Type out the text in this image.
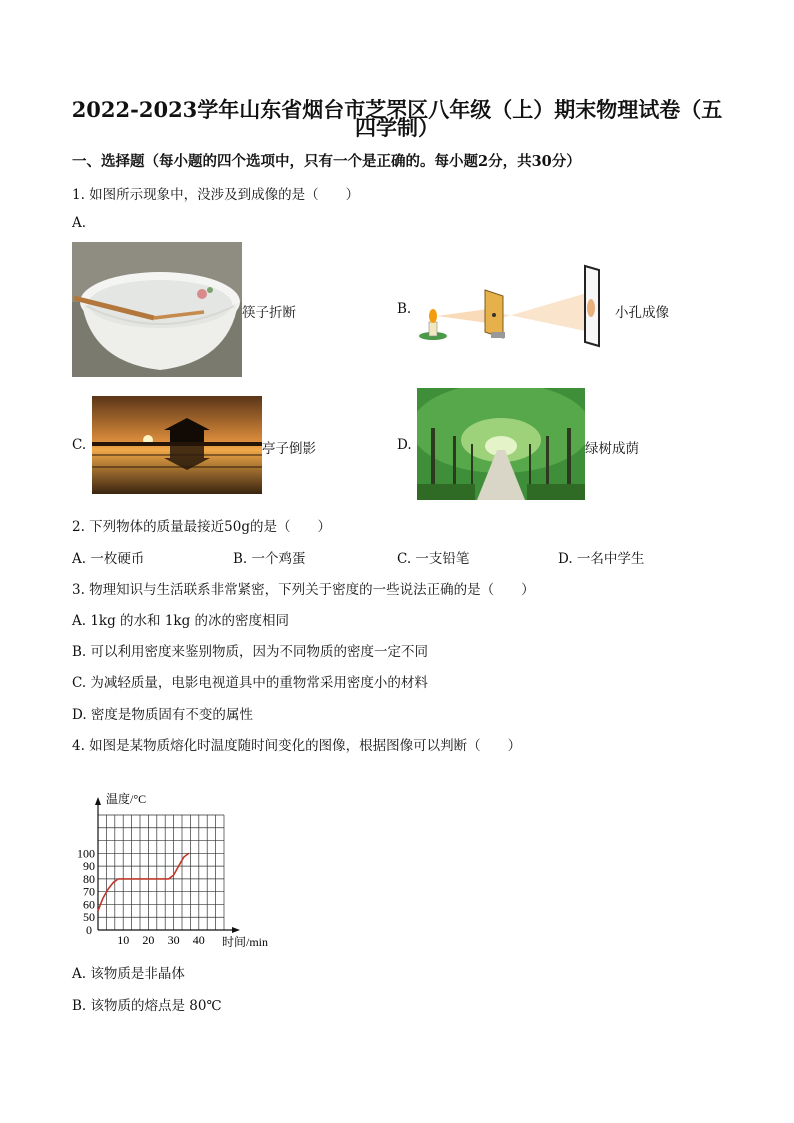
2022-2023学年山东省烟台市芝罘区八年级（上）期末物理试卷（五
四学制）
一、选择题（每小题的四个选项中，只有一个是正确的。每小题2分，共30分）
1. 如图所示现象中，没涉及到成像的是（　　）
A.
筷子折断	B.	小孔成像
C.	亭子倒影	D.	绿树成荫
2. 下列物体的质量最接近50g的是（　　）
A. 一枚硬币	B. 一个鸡蛋	C. 一支铅笔	D. 一名中学生
3. 物理知识与生活联系非常紧密，下列关于密度的一些说法正确的是（　　）
A. 1kg 的水和 1kg 的冰的密度相同
B. 可以利用密度来鉴别物质，因为不同物质的密度一定不同
C. 为减轻质量，电影电视道具中的重物常采用密度小的材料
D. 密度是物质固有不变的属性
4. 如图是某物质熔化时温度随时间变化的图像，根据图像可以判断（　　）
温度/°C
时间/min
0
50
60
70
80
90
100
10 20 30 40
A. 该物质是非晶体
B. 该物质的熔点是 80℃
